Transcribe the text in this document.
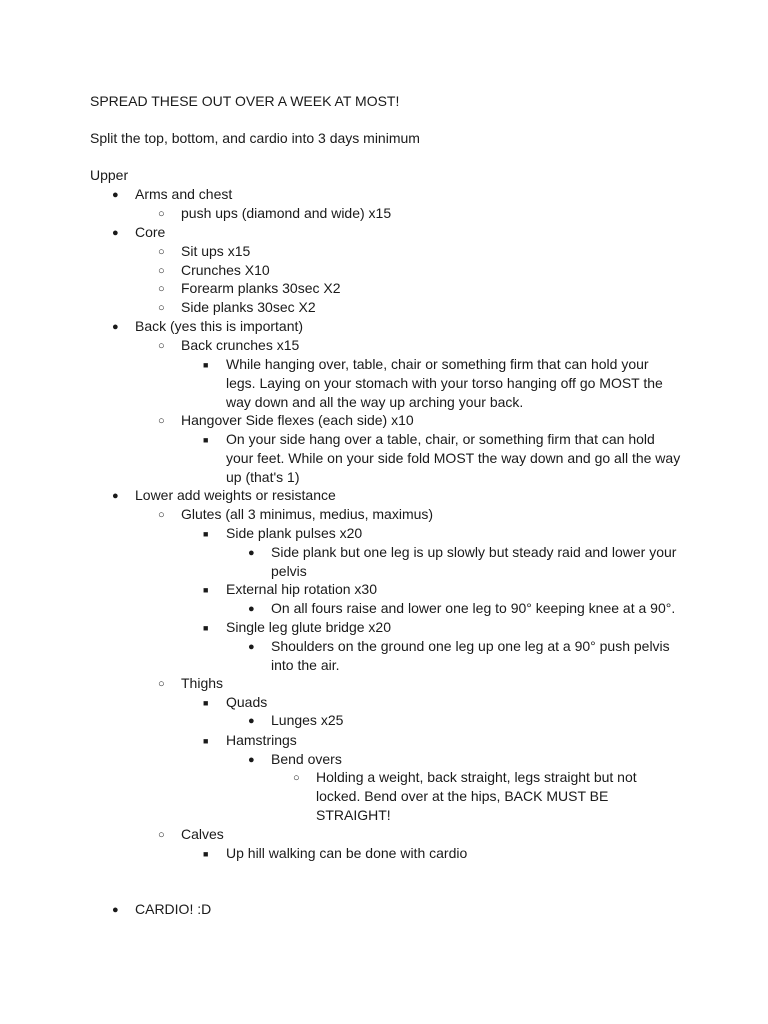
SPREAD THESE OUT OVER A WEEK AT MOST!
Split the top, bottom, and cardio into 3 days minimum
Upper
●
Arms and chest
○
push ups (diamond and wide) x15
●
Core
○
Sit ups x15
○
Crunches X10
○
Forearm planks 30sec X2
○
Side planks 30sec X2
●
Back (yes this is important)
○
Back crunches x15
■
While hanging over, table, chair or something firm that can hold your legs. Laying on your stomach with your torso hanging off go MOST the way down and all the way up arching your back.
○
Hangover Side flexes (each side) x10
■
On your side hang over a table, chair, or something firm that can hold your feet. While on your side fold MOST the way down and go all the way up (that's 1)
●
Lower add weights or resistance
○
Glutes (all 3 minimus, medius, maximus)
■
Side plank pulses x20
●
Side plank but one leg is up slowly but steady raid and lower your pelvis
■
External hip rotation x30
●
On all fours raise and lower one leg to 90° keeping knee at a 90°.
■
Single leg glute bridge x20
●
Shoulders on the ground one leg up one leg at a 90° push pelvis into the air.
○
Thighs
■
Quads
●
Lunges x25
■
Hamstrings
●
Bend overs
○
Holding a weight, back straight, legs straight but not locked. Bend over at the hips, BACK MUST BE STRAIGHT!
○
Calves
■
Up hill walking can be done with cardio
●
CARDIO! :D
